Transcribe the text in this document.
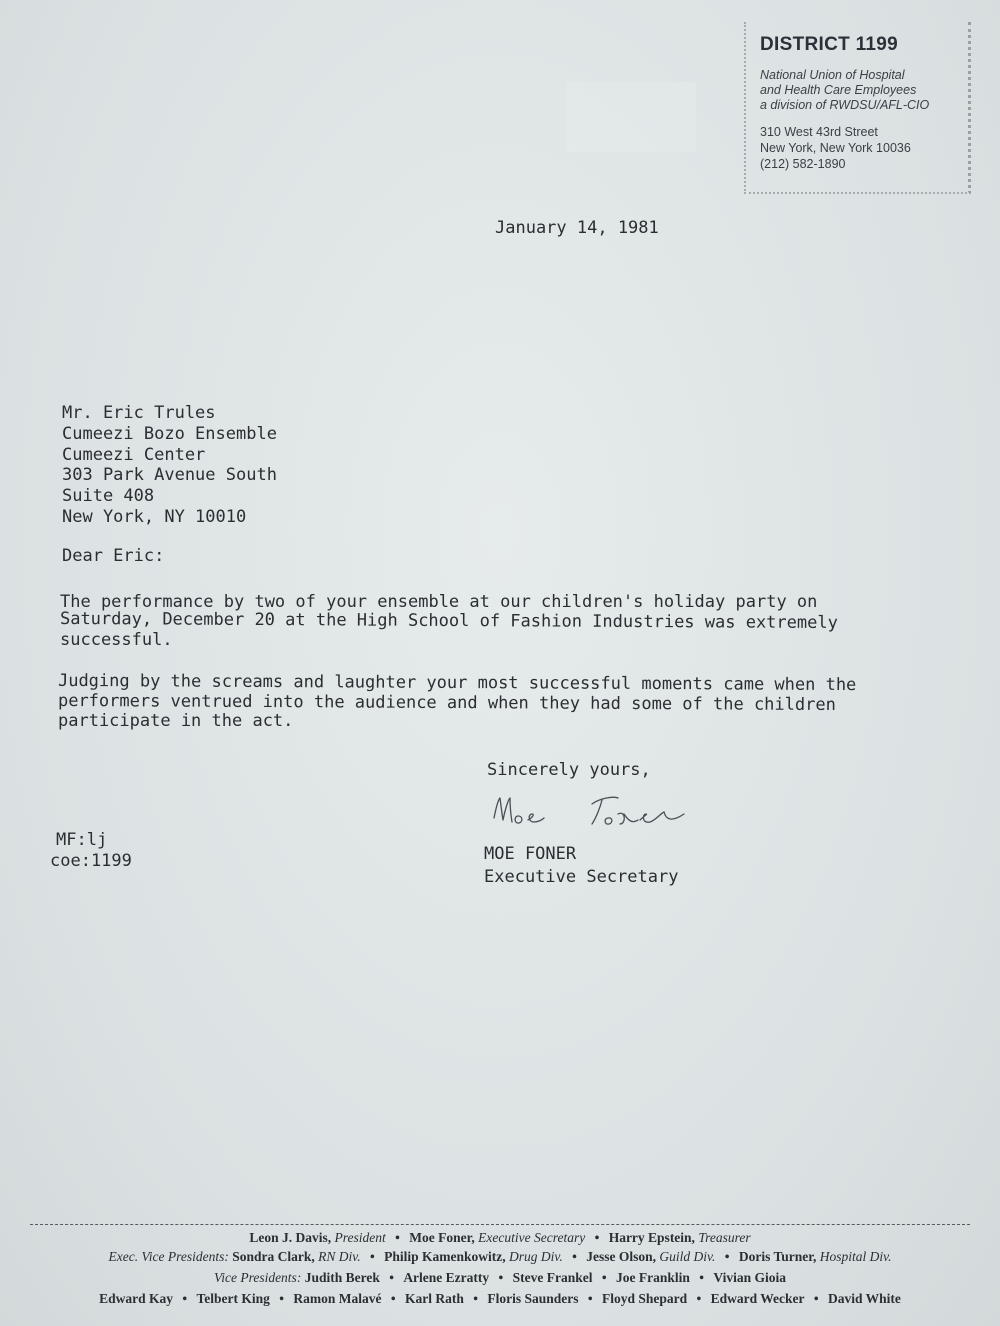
DISTRICT 1199
National Union of Hospital
and Health Care Employees
a division of RWDSU/AFL-CIO
310 West 43rd Street
New York, New York 10036
(212) 582-1890
January 14, 1981
Mr. Eric Trules
Cumeezi Bozo Ensemble
Cumeezi Center
303 Park Avenue South
Suite 408
New York, NY 10010
Dear Eric:
The performance by two of your ensemble at our children's holiday party on
Saturday, December 20 at the High School of Fashion Industries was extremely
successful.
Judging by the screams and laughter your most successful moments came when the
performers ventrued into the audience and when they had some of the children
participate in the act.
Sincerely yours,
MOE FONER
Executive Secretary
MF:lj
coe:1199
Leon J. Davis, President • Moe Foner, Executive Secretary • Harry Epstein, Treasurer
Exec. Vice Presidents: Sondra Clark, RN Div. • Philip Kamenkowitz, Drug Div. • Jesse Olson, Guild Div. • Doris Turner, Hospital Div.
Vice Presidents: Judith Berek • Arlene Ezratty • Steve Frankel • Joe Franklin • Vivian Gioia
Edward Kay • Telbert King • Ramon Malavé • Karl Rath • Floris Saunders • Floyd Shepard • Edward Wecker • David White
